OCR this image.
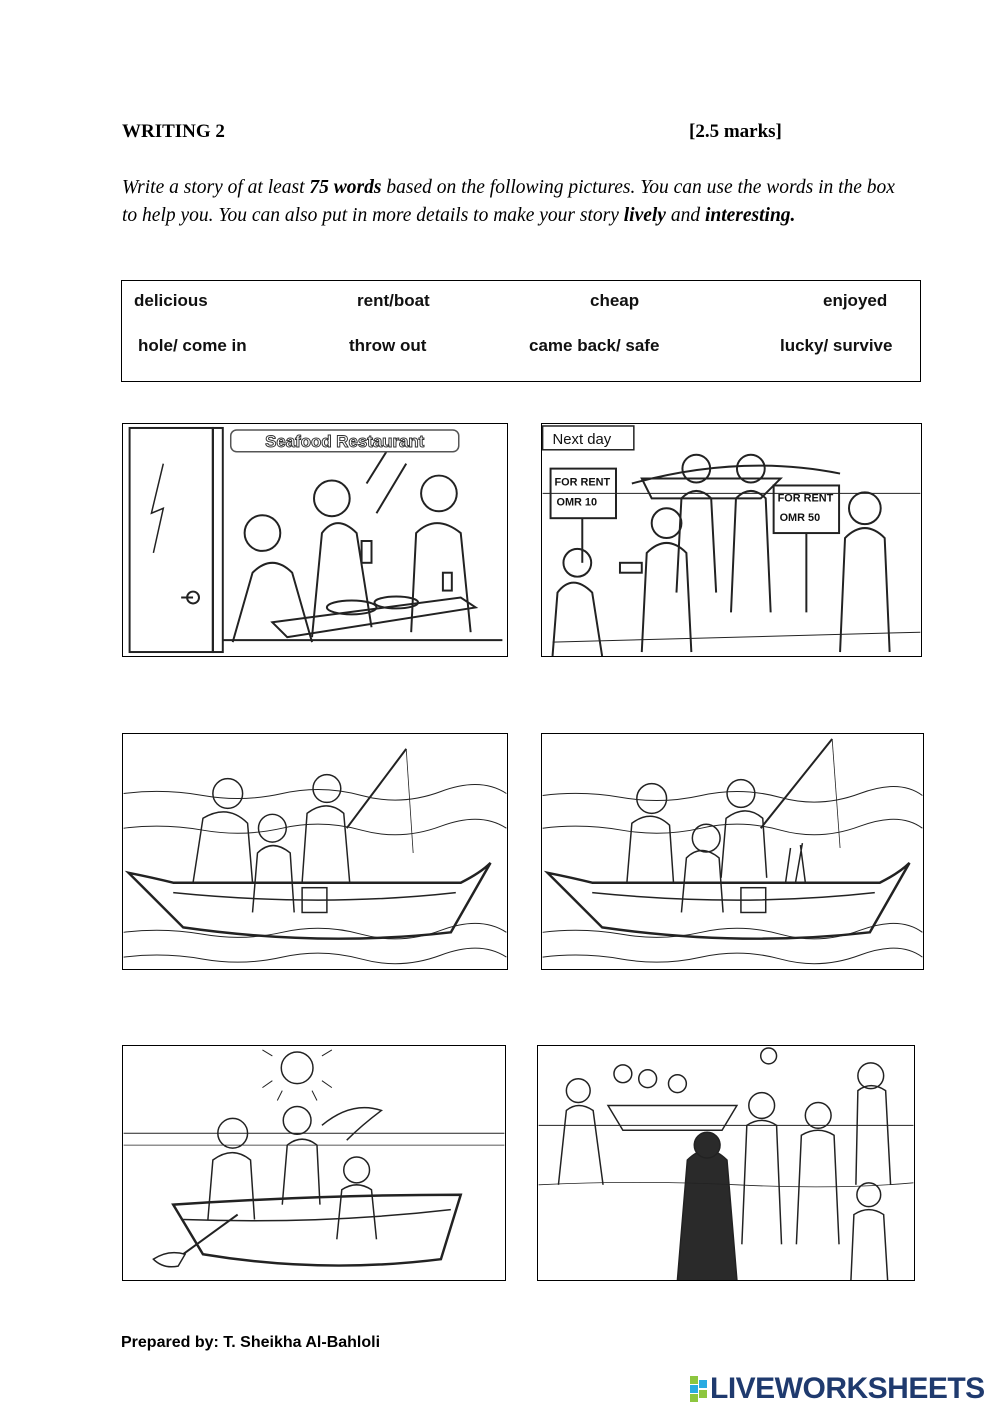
WRITING 2	[2.5 marks]
Write a story of at least 75 words based on the following pictures. You can use the words in the box to help you. You can also put in more details to make your story lively and interesting.
delicious	rent/boat	cheap	enjoyed
hole/ come in	throw out	came back/ safe	lucky/ survive
Seafood Restaurant	Next day
FOR RENT
OMR 10	FOR RENT
OMR 50
Prepared by: T. Sheikha Al-Bahloli
LIVEWORKSHEETS
